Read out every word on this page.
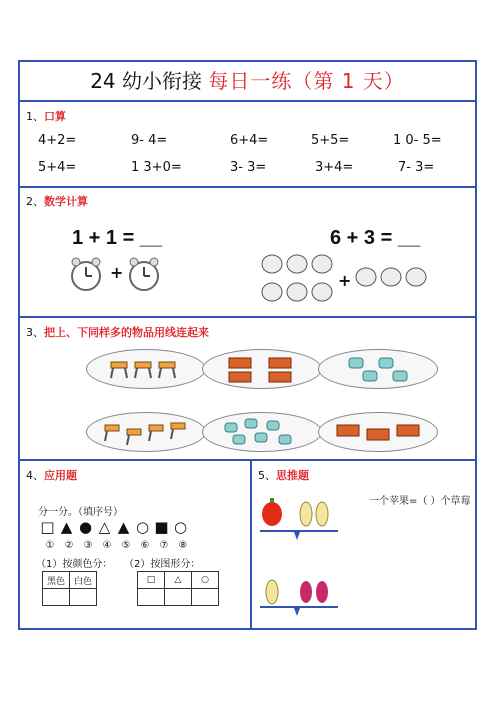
24 幼小衔接 每日一练（第 1 天）
1、口算
4+2=	9- 4=	6+4=	5+5=	1 0- 5=
5+4=	1 3+0=	3- 3=	3+4=	7- 3=
2、数学计算
1 + 1 = __	6 + 3 = __
+	+
3、把上、下同样多的物品用线连起来
4、应用题
分一分。（填序号）
□ ▲ ● △ ▲ ○ ■ ○
① ② ③ ④ ⑤ ⑥ ⑦ ⑧
（1）按颜色分： （2）按图形分：
黑色	白色
		□	△	○

5、思推题
一个苹果=（ ）个草莓
